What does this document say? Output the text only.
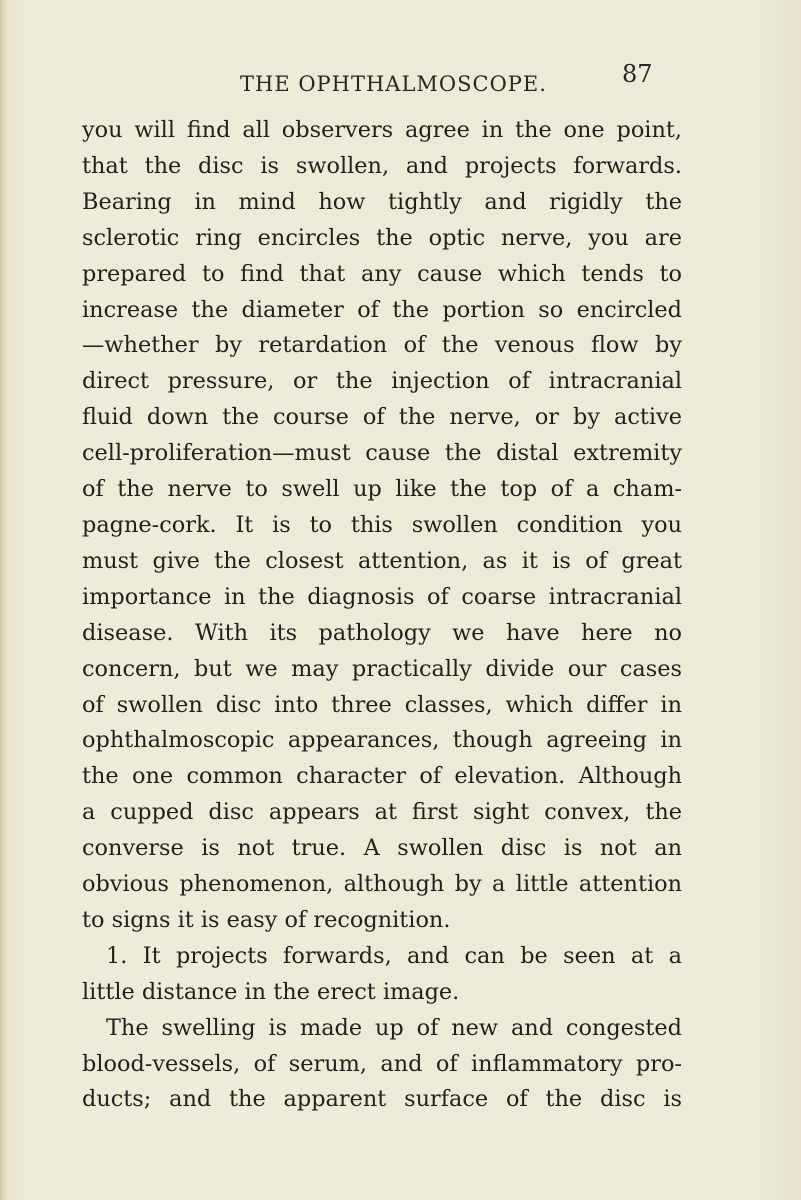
THE OPHTHALMOSCOPE.	87
you will find all observers agree in the one point,
that the disc is swollen, and projects forwards.
Bearing in mind how tightly and rigidly the
sclerotic ring encircles the optic nerve, you are
prepared to find that any cause which tends to
increase the diameter of the portion so encircled
—whether by retardation of the venous flow by
direct pressure, or the injection of intracranial
fluid down the course of the nerve, or by active
cell-proliferation—must cause the distal extremity
of the nerve to swell up like the top of a cham-
pagne-cork. It is to this swollen condition you
must give the closest attention, as it is of great
importance in the diagnosis of coarse intracranial
disease. With its pathology we have here no
concern, but we may practically divide our cases
of swollen disc into three classes, which differ in
ophthalmoscopic appearances, though agreeing in
the one common character of elevation. Although
a cupped disc appears at first sight convex, the
converse is not true. A swollen disc is not an
obvious phenomenon, although by a little attention
to signs it is easy of recognition.
1. It projects forwards, and can be seen at a
little distance in the erect image.
The swelling is made up of new and congested
blood-vessels, of serum, and of inflammatory pro-
ducts; and the apparent surface of the disc is
